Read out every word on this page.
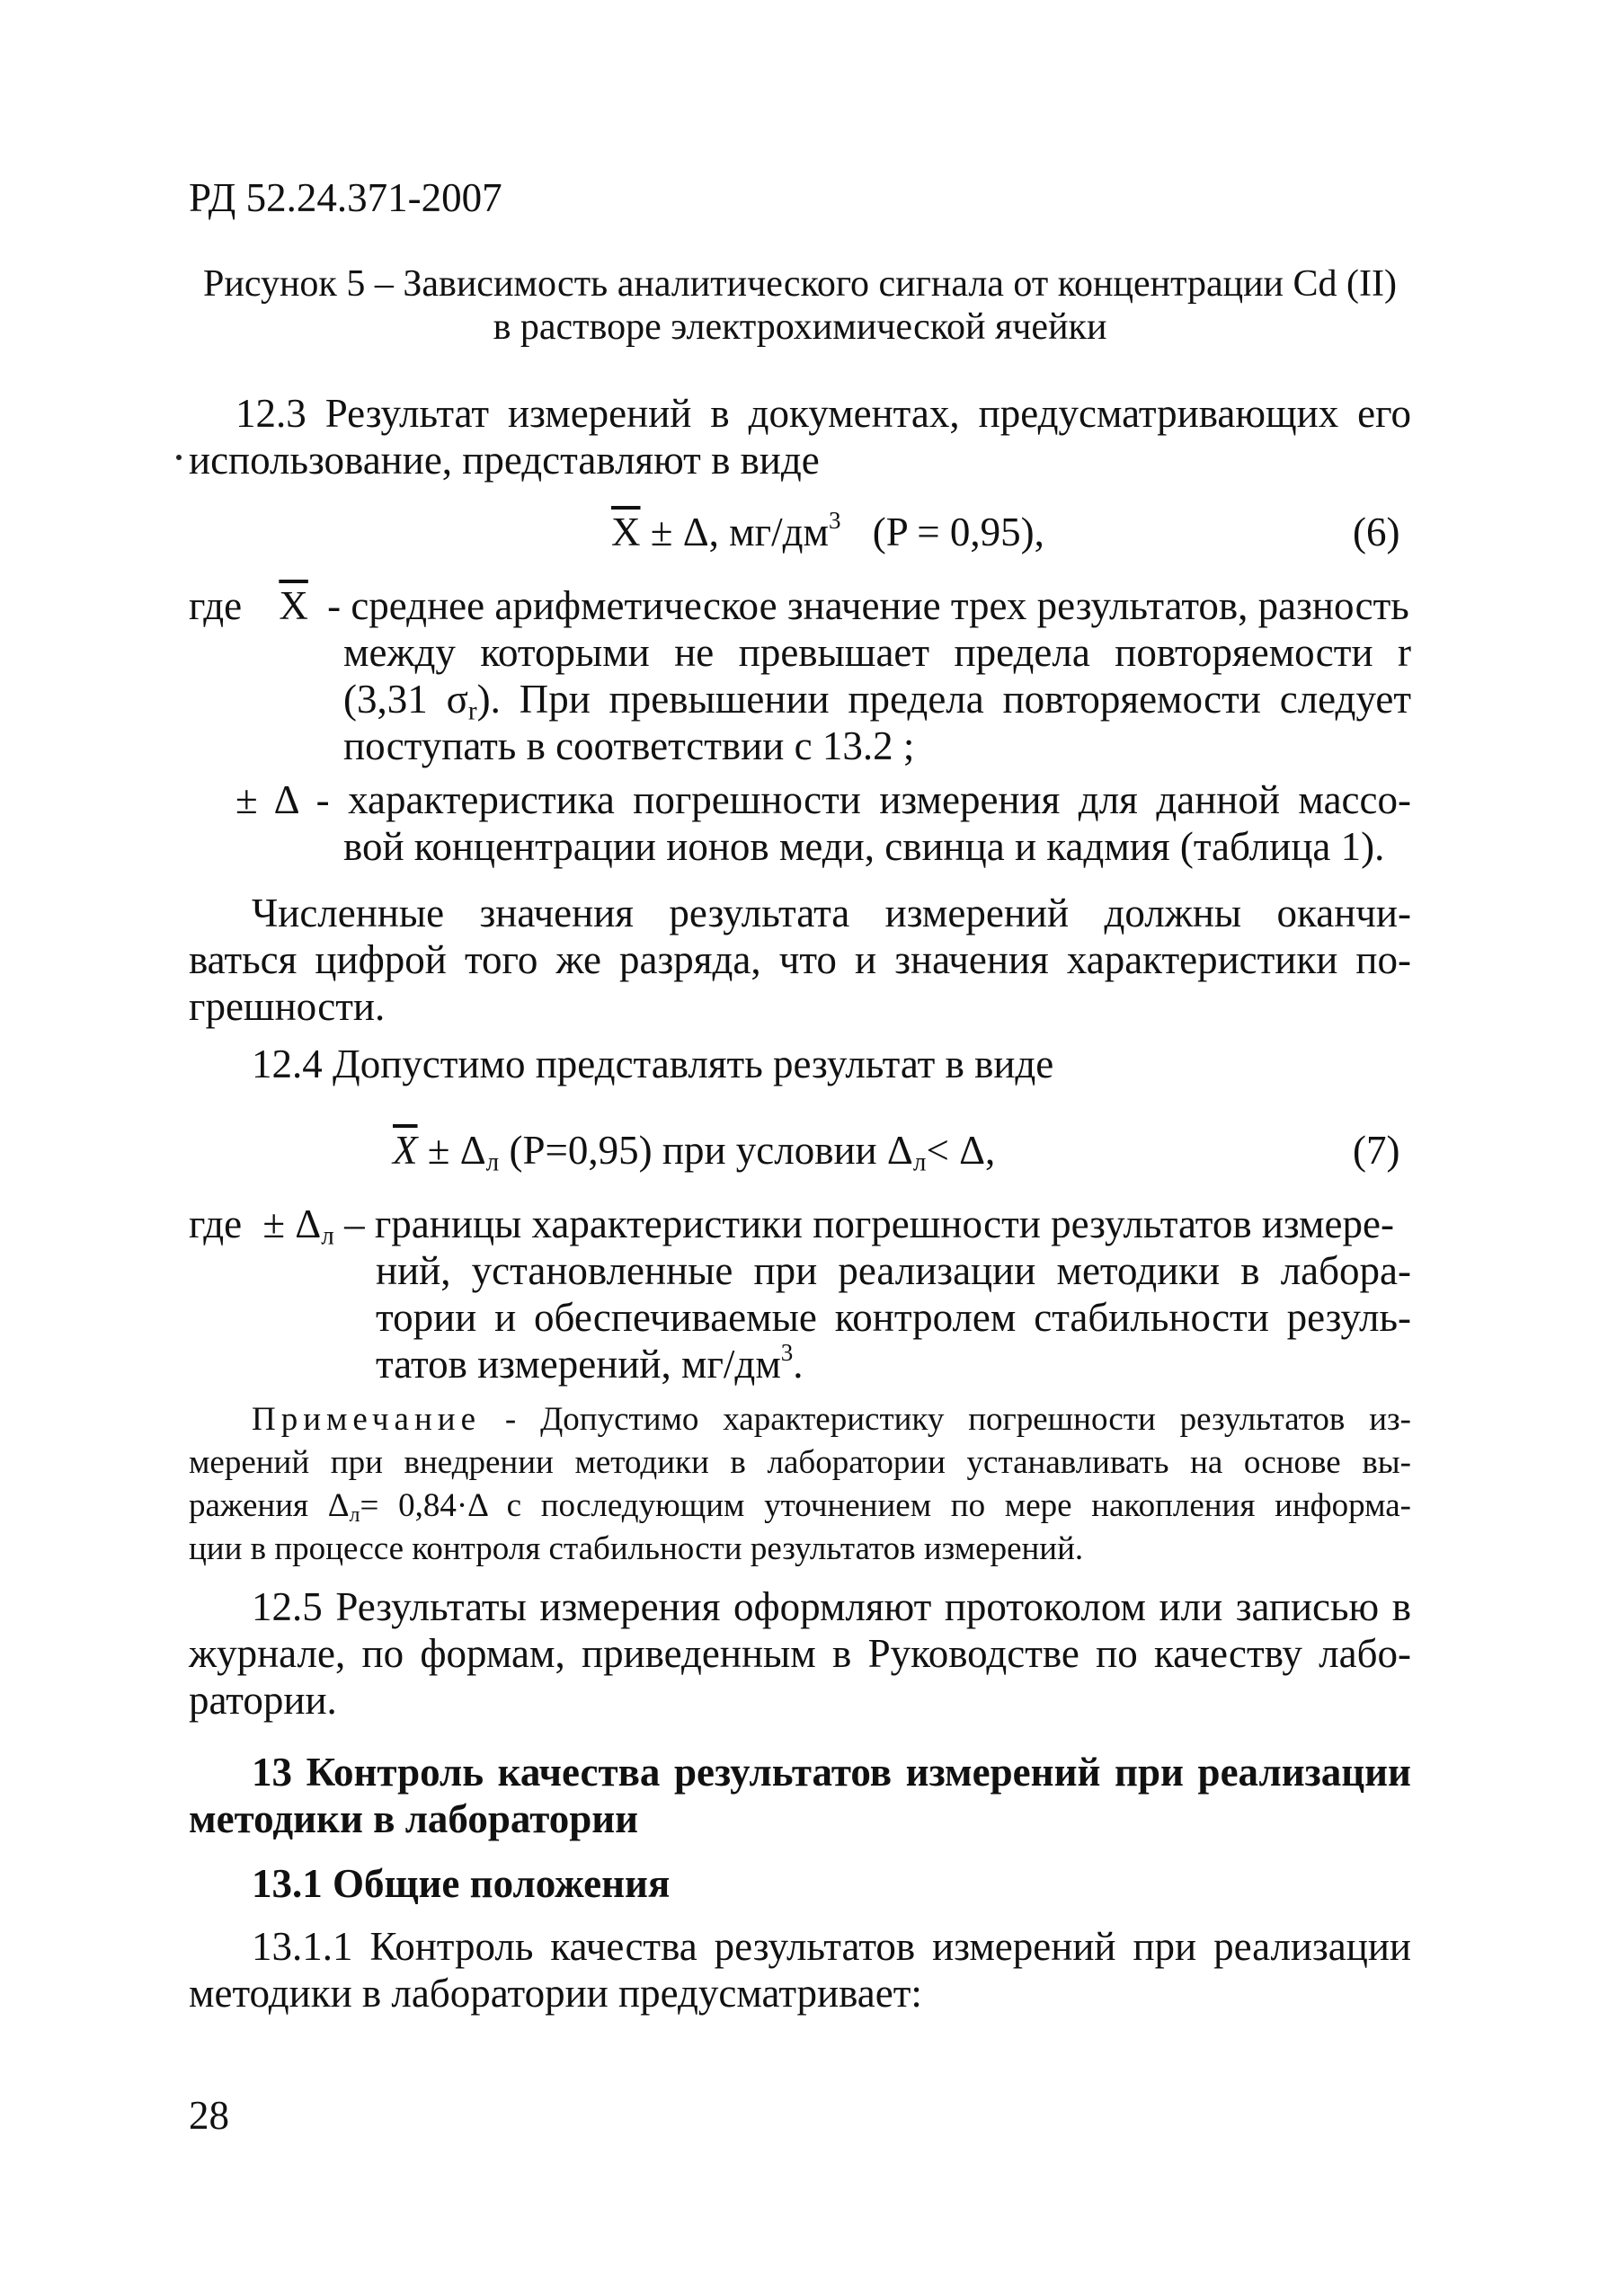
РД 52.24.371-2007
Рисунок 5 – Зависимость аналитического сигнала от концентрации Cd (II)
в растворе электрохимической ячейки
12.3 Результат измерений в документах, предусматривающих его
использование, представляют в виде
$\overline{X} \pm \Delta$, $мг/дм^3$ (P = 0,95),	(6)
где $\overline{X}$ - среднее арифметическое значение трех результатов, разность
между которыми не превышает предела повторяемости r
(3,31 $\sigma_r$). При превышении предела повторяемости следует
поступать в соответствии с 13.2 ;
± Δ - характеристика погрешности измерения для данной массо-
вой концентрации ионов меди, свинца и кадмия (таблица 1).
Численные значения результата измерений должны оканчи-
ваться цифрой того же разряда, что и значения характеристики по-
грешности.
12.4 Допустимо представлять результат в виде
$\overline{X} \pm \Delta_л$ (P=0,95) при условии $\Delta_л< \Delta$,	(7)
где ± $\Delta_л$ – границы характеристики погрешности результатов измере-
ний, установленные при реализации методики в лабора-
тории и обеспечиваемые контролем стабильности резуль-
татов измерений, $мг/дм^3$.
Примечание - Допустимо характеристику погрешности результатов из-
мерений при внедрении методики в лаборатории устанавливать на основе вы-
ражения $\Delta_л= 0,84\cdot\Delta$ с последующим уточнением по мере накопления информа-
ции в процессе контроля стабильности результатов измерений.
12.5 Результаты измерения оформляют протоколом или записью в
журнале, по формам, приведенным в Руководстве по качеству лабо-
ратории.
13 Контроль качества результатов измерений при реализации
методики в лаборатории
13.1 Общие положения
13.1.1 Контроль качества результатов измерений при реализации
методики в лаборатории предусматривает:
28
